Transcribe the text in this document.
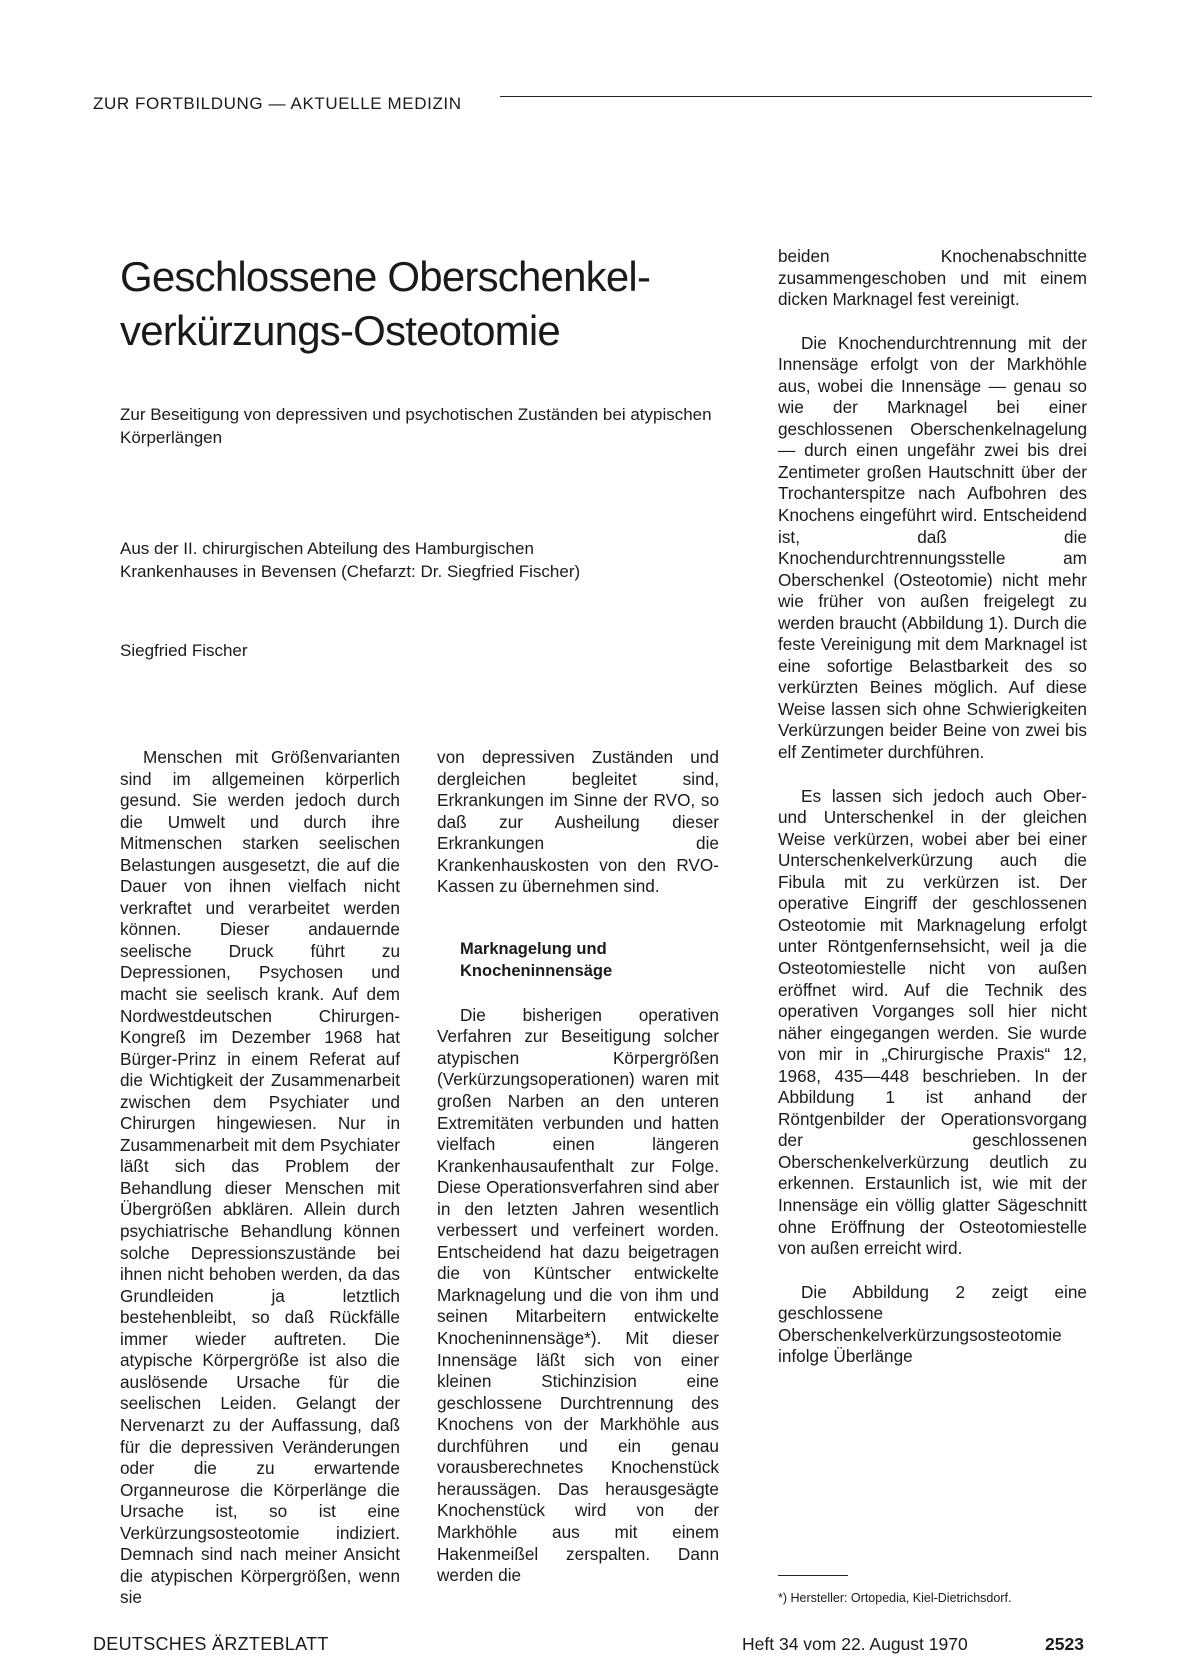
ZUR FORTBILDUNG — AKTUELLE MEDIZIN
Geschlossene Oberschenkel-
verkürzungs-Osteotomie

Zur Beseitigung von depressiven und psychotischen Zuständen bei atypischen Körperlängen

Aus der II. chirurgischen Abteilung des Hamburgischen
Krankenhauses in Bevensen (Chefarzt: Dr. Siegfried Fischer)

Siegfried Fischer

Menschen mit Größenvarianten sind im allgemeinen körperlich gesund. Sie werden jedoch durch die Umwelt und durch ihre Mitmenschen starken seelischen Belastungen ausgesetzt, die auf die Dauer von ihnen vielfach nicht verkraftet und verarbeitet werden können. Dieser andauernde seelische Druck führt zu Depressionen, Psychosen und macht sie seelisch krank. Auf dem Nordwestdeutschen Chirurgen-Kongreß im Dezember 1968 hat Bürger-Prinz in einem Referat auf die Wichtigkeit der Zusammenarbeit zwischen dem Psychiater und Chirurgen hingewiesen. Nur in Zusammenarbeit mit dem Psychiater läßt sich das Problem der Behandlung dieser Menschen mit Übergrößen abklären. Allein durch psychiatrische Behandlung können solche Depressionszustände bei ihnen nicht behoben werden, da das Grundleiden ja letztlich bestehenbleibt, so daß Rückfälle immer wieder auftreten. Die atypische Körpergröße ist also die auslösende Ursache für die seelischen Leiden. Gelangt der Nervenarzt zu der Auffassung, daß für die depressiven Veränderungen oder die zu erwartende Organneurose die Körperlänge die Ursache ist, so ist eine Verkürzungsosteotomie indiziert. Demnach sind nach meiner Ansicht die atypischen Körpergrößen, wenn sie

von depressiven Zuständen und dergleichen begleitet sind, Erkrankungen im Sinne der RVO, so daß zur Ausheilung dieser Erkrankungen die Krankenhauskosten von den RVO-Kassen zu übernehmen sind.

Marknagelung und
Knocheninnensäge

Die bisherigen operativen Verfahren zur Beseitigung solcher atypischen Körpergrößen (Verkürzungsoperationen) waren mit großen Narben an den unteren Extremitäten verbunden und hatten vielfach einen längeren Krankenhausaufenthalt zur Folge. Diese Operationsverfahren sind aber in den letzten Jahren wesentlich verbessert und verfeinert worden. Entscheidend hat dazu beigetragen die von Küntscher entwickelte Marknagelung und die von ihm und seinen Mitarbeitern entwickelte Knocheninnensäge*). Mit dieser Innensäge läßt sich von einer kleinen Stichinzision eine geschlossene Durchtrennung des Knochens von der Markhöhle aus durchführen und ein genau vorausberechnetes Knochenstück heraussägen. Das herausgesägte Knochenstück wird von der Markhöhle aus mit einem Hakenmeißel zerspalten. Dann werden die

beiden Knochenabschnitte zusammengeschoben und mit einem dicken Marknagel fest vereinigt.

Die Knochendurchtrennung mit der Innensäge erfolgt von der Markhöhle aus, wobei die Innensäge — genau so wie der Marknagel bei einer geschlossenen Oberschenkelnagelung — durch einen ungefähr zwei bis drei Zentimeter großen Hautschnitt über der Trochanterspitze nach Aufbohren des Knochens eingeführt wird. Entscheidend ist, daß die Knochendurchtrennungsstelle am Oberschenkel (Osteotomie) nicht mehr wie früher von außen freigelegt zu werden braucht (Abbildung 1). Durch die feste Vereinigung mit dem Marknagel ist eine sofortige Belastbarkeit des so verkürzten Beines möglich. Auf diese Weise lassen sich ohne Schwierigkeiten Verkürzungen beider Beine von zwei bis elf Zentimeter durchführen.

Es lassen sich jedoch auch Ober- und Unterschenkel in der gleichen Weise verkürzen, wobei aber bei einer Unterschenkelverkürzung auch die Fibula mit zu verkürzen ist. Der operative Eingriff der geschlossenen Osteotomie mit Marknagelung erfolgt unter Röntgenfernsehsicht, weil ja die Osteotomiestelle nicht von außen eröffnet wird. Auf die Technik des operativen Vorganges soll hier nicht näher eingegangen werden. Sie wurde von mir in „Chirurgische Praxis“ 12, 1968, 435—448 beschrieben. In der Abbildung 1 ist anhand der Röntgenbilder der Operationsvorgang der geschlossenen Oberschenkelverkürzung deutlich zu erkennen. Erstaunlich ist, wie mit der Innensäge ein völlig glatter Sägeschnitt ohne Eröffnung der Osteotomiestelle von außen erreicht wird.

Die Abbildung 2 zeigt eine geschlossene Oberschenkelverkürzungsosteotomie infolge Überlänge

*) Hersteller: Ortopedia, Kiel-Dietrichsdorf.
DEUTSCHES ÄRZTEBLATT	Heft 34 vom 22. August 1970	2523
